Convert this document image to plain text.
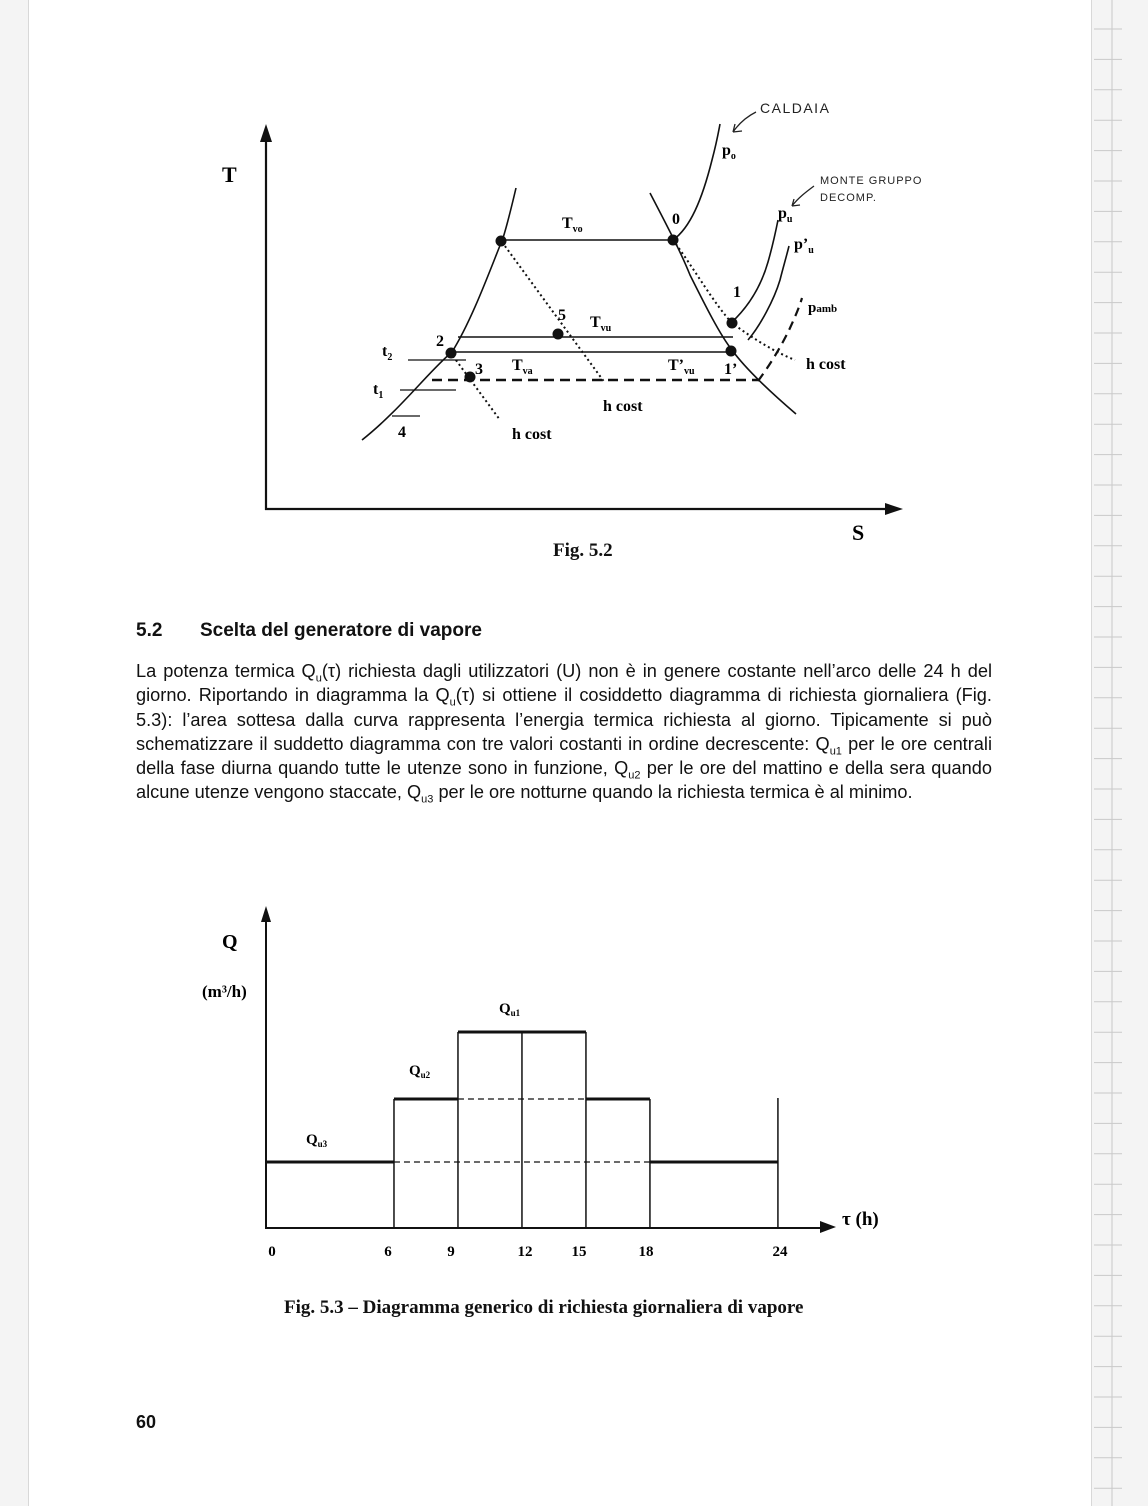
T
S
$p_o$
$p_u$
$p’_u$
pamb
$T_{vo}$
$T_{vu}$
$T_{va}$	$T’_{vu}$
0
1
1’
2
3
4
5
$t_2$
$t_1$
h cost
h cost
h cost
CALDAIA
MONTE GRUPPO
DECOMP.
Fig. 5.2
5.2 Scelta del generatore di vapore

La potenza termica $Q_u(\tau)$ richiesta dagli utilizzatori (U) non è in genere costante nell’arco delle 24 h del giorno. Riportando in diagramma la $Q_u(\tau)$ si ottiene il cosiddetto diagramma di richiesta giornaliera (Fig. 5.3): l’area sottesa dalla curva rappresenta l’energia termica richiesta al giorno. Tipicamente si può schematizzare il suddetto diagramma con tre valori costanti in ordine decrescente: $Q_{u1}$ per le ore centrali della fase diurna quando tutte le utenze sono in funzione, $Q_{u2}$ per le ore del mattino e della sera quando alcune utenze vengono staccate, $Q_{u3}$ per le ore notturne quando la richiesta termica è al minimo.

Q
(m³/h)
τ (h)
$Q_{u3}$
$Q_{u2}$
$Q_{u1}$
0	6	9	12	15	18	24
Fig. 5.3 – Diagramma generico di richiesta giornaliera di vapore
60
